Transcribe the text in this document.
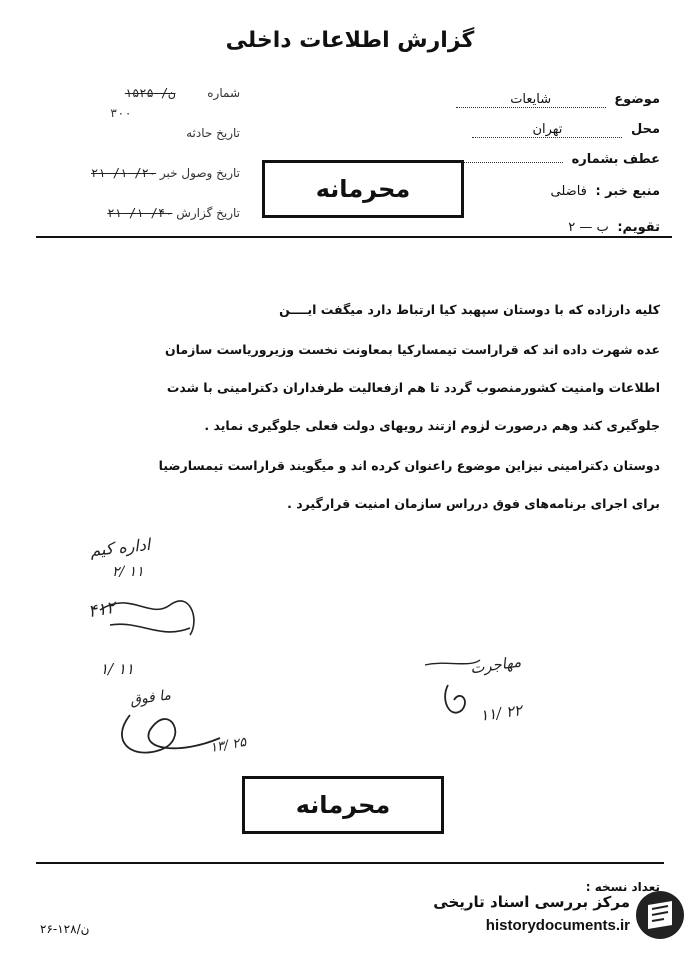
گزارش اطلاعات داخلی
موضوع شایعات
محل تهران
عطف بشماره
منبع خبر : فاضلی
تقویم: ب — ۲
شماره ن/ ۱۵۲۵
۳۰۰
تاریخ حادثه
تاریخ وصول خبر ۲۰/ ۱/ ۲۱
تاریخ گزارش ۴۰/ ۱/ ۲۱
محرمانه
کلیه دارزاده که با دوستان سپهبد کیا ارتباط دارد میگفت ایــــن
عده شهرت داده اند که قراراست تیمسارکیا بمعاونت نخست وزیروریاست سازمان
اطلاعات وامنیت کشورمنصوب گردد تا هم ازفعالیت طرفداران دکترامینی با شدت
جلوگیری کند وهم درصورت لزوم ازتند رویهای دولت فعلی جلوگیری نماید .
دوستان دکترامینی نیزاین موضوع راعنوان کرده اند و میگویند قراراست تیمسارضیا
برای اجرای برنامه‌های فوق درراس سازمان امنیت قرارگیرد .
اداره کیم
۲/ ۱۱
۴۱۲
۱/ ۱۱
ما فوق
۱۳/ ۲۵
مهاجرت
۱۱/ ۲۲
محرمانه
تعداد نسخه :
ن/۱۲۸-۲۶
مرکز بررسی اسناد تاریخی
historydocuments.ir
